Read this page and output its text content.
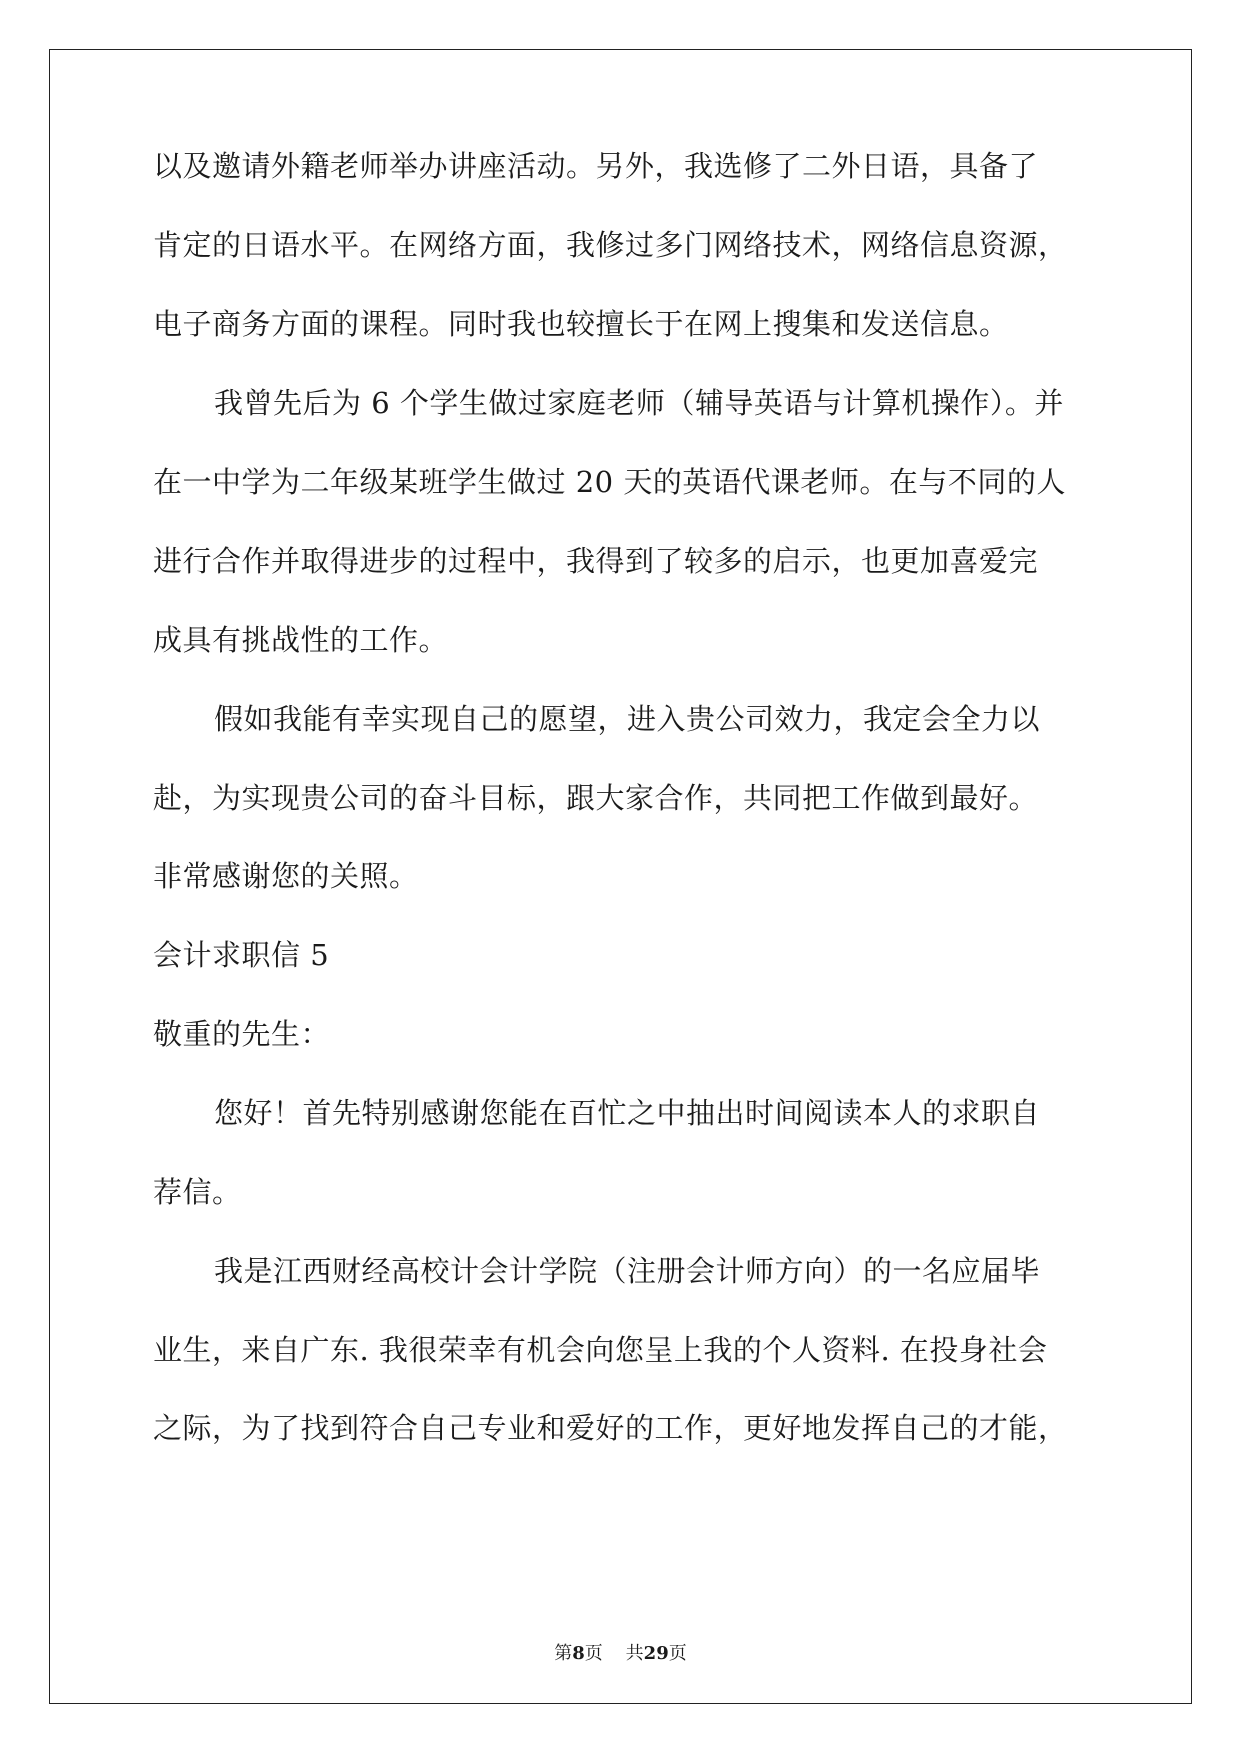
以及邀请外籍老师举办讲座活动。另外，我选修了二外日语，具备了
肯定的日语水平。在网络方面，我修过多门网络技术，网络信息资源，
电子商务方面的课程。同时我也较擅长于在网上搜集和发送信息。
我曾先后为 6 个学生做过家庭老师（辅导英语与计算机操作）。并
在一中学为二年级某班学生做过 20 天的英语代课老师。在与不同的人
进行合作并取得进步的过程中，我得到了较多的启示，也更加喜爱完
成具有挑战性的工作。
假如我能有幸实现自己的愿望，进入贵公司效力，我定会全力以
赴，为实现贵公司的奋斗目标，跟大家合作，共同把工作做到最好。
非常感谢您的关照。
会计求职信 5
敬重的先生：
您好！首先特别感谢您能在百忙之中抽出时间阅读本人的求职自
荐信。
我是江西财经高校计会计学院（注册会计师方向）的一名应届毕
业生，来自广东. 我很荣幸有机会向您呈上我的个人资料. 在投身社会
之际，为了找到符合自己专业和爱好的工作，更好地发挥自己的才能，
第8页 共29页
